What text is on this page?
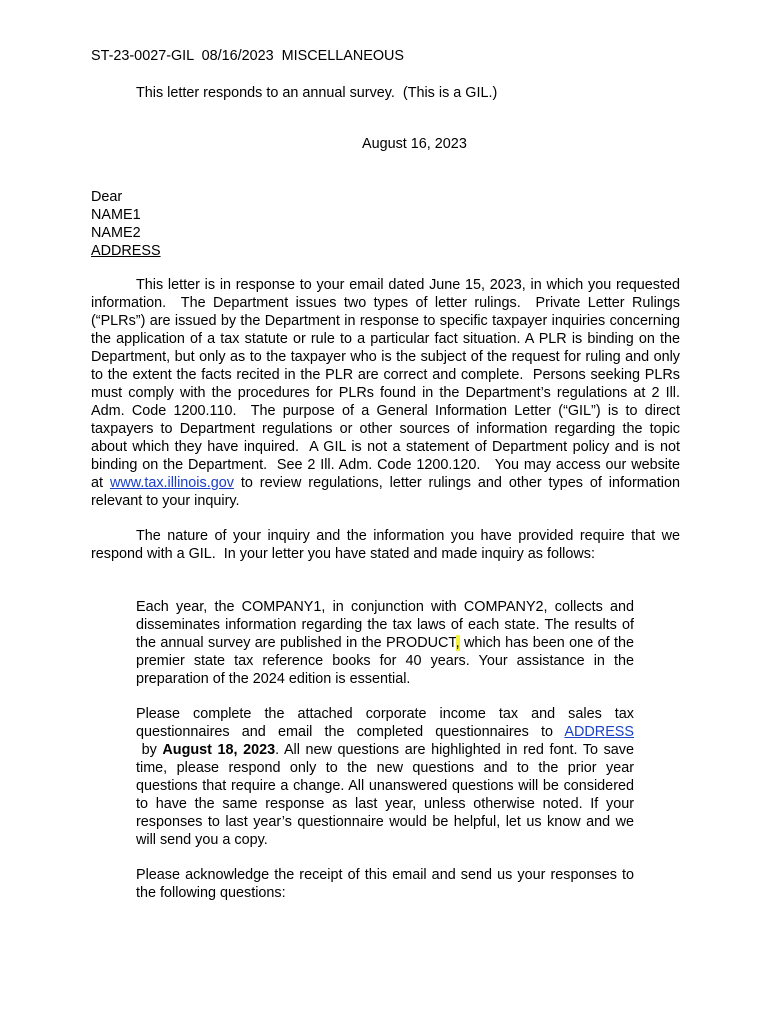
ST-23-0027-GIL  08/16/2023  MISCELLANEOUS
This letter responds to an annual survey.  (This is a GIL.)
August 16, 2023
Dear
NAME1
NAME2
ADDRESS
This letter is in response to your email dated June 15, 2023, in which you requested information.  The Department issues two types of letter rulings.  Private Letter Rulings (“PLRs”) are issued by the Department in response to specific taxpayer inquiries concerning the application of a tax statute or rule to a particular fact situation. A PLR is binding on the Department, but only as to the taxpayer who is the subject of the request for ruling and only to the extent the facts recited in the PLR are correct and complete.  Persons seeking PLRs must comply with the procedures for PLRs found in the Department’s regulations at 2 Ill. Adm. Code 1200.110.  The purpose of a General Information Letter (“GIL”) is to direct taxpayers to Department regulations or other sources of information regarding the topic about which they have inquired.  A GIL is not a statement of Department policy and is not binding on the Department.  See 2 Ill. Adm. Code 1200.120.   You may access our website at www.tax.illinois.gov to review regulations, letter rulings and other types of information relevant to your inquiry.
The nature of your inquiry and the information you have provided require that we respond with a GIL.  In your letter you have stated and made inquiry as follows:
Each year, the COMPANY1, in conjunction with COMPANY2, collects and disseminates information regarding the tax laws of each state. The results of the annual survey are published in the PRODUCT, which has been one of the premier state tax reference books for 40 years. Your assistance in the preparation of the 2024 edition is essential.
Please complete the attached corporate income tax and sales tax questionnaires and email the completed questionnaires to ADDRESS by August 18, 2023. All new questions are highlighted in red font. To save time, please respond only to the new questions and to the prior year questions that require a change. All unanswered questions will be considered to have the same response as last year, unless otherwise noted. If your responses to last year’s questionnaire would be helpful, let us know and we will send you a copy.
Please acknowledge the receipt of this email and send us your responses to the following questions:
